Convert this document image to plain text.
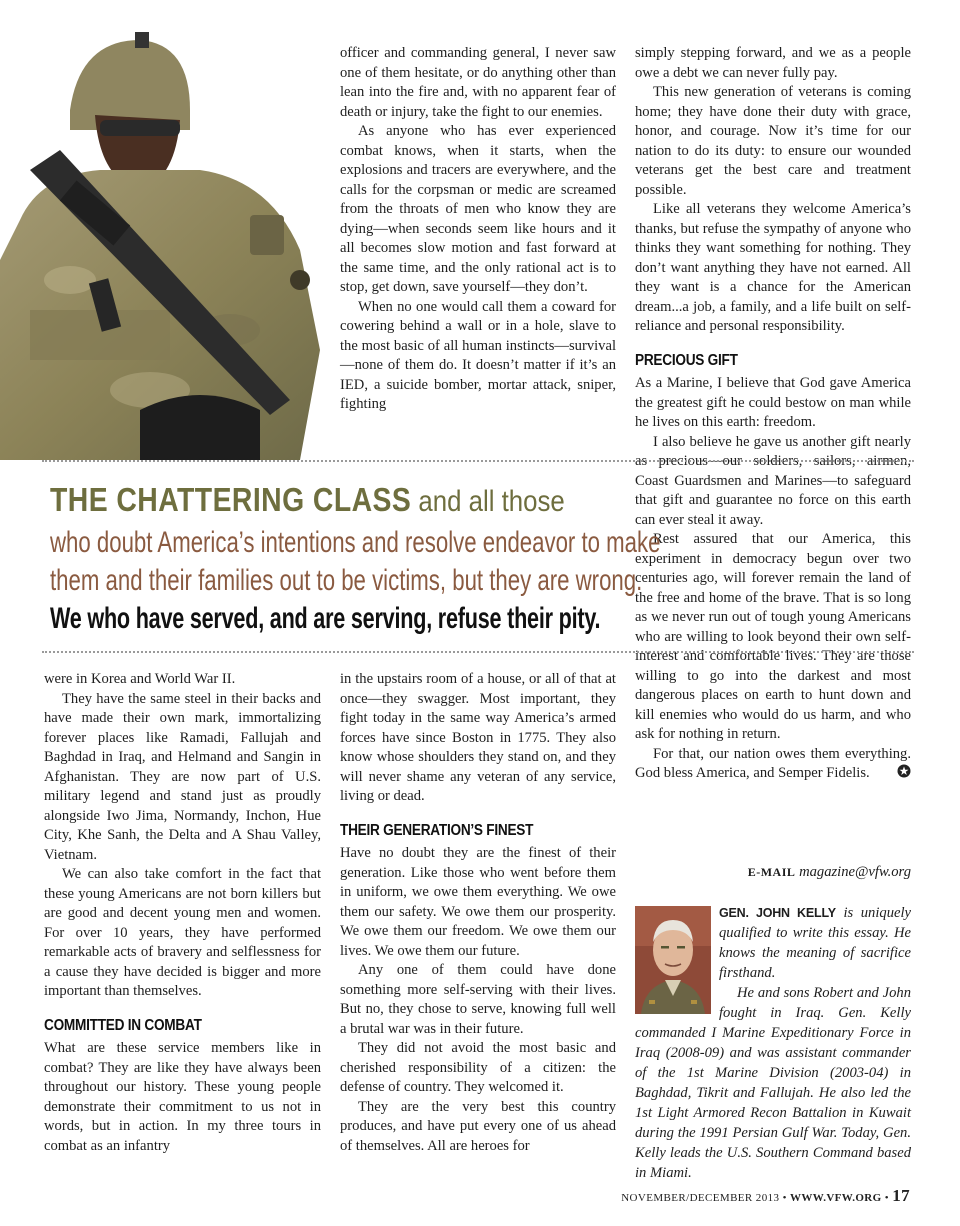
officer and commanding general, I never saw one of them hesitate, or do anything other than lean into the fire and, with no apparent fear of death or injury, take the fight to our enemies.

As anyone who has ever experienced combat knows, when it starts, when the explosions and tracers are everywhere, and the calls for the corpsman or medic are screamed from the throats of men who know they are dying—when seconds seem like hours and it all becomes slow motion and fast forward at the same time, and the only rational act is to stop, get down, save yourself—they don’t.

When no one would call them a coward for cowering behind a wall or in a hole, slave to the most basic of all human instincts—survival—none of them do. It doesn’t matter if it’s an IED, a suicide bomber, mortar attack, sniper, fighting

simply stepping forward, and we as a people owe a debt we can never fully pay.

This new generation of veterans is coming home; they have done their duty with grace, honor, and courage. Now it’s time for our nation to do its duty: to ensure our wounded veterans get the best care and treatment possible.

Like all veterans they welcome America’s thanks, but refuse the sympathy of anyone who thinks they want something for nothing. They don’t want anything they have not earned. All they want is a chance for the American dream...a job, a family, and a life built on self-reliance and personal responsibility.

PRECIOUS GIFT

As a Marine, I believe that God gave America the greatest gift he could bestow on man while he lives on this earth: freedom.

I also believe he gave us another gift nearly as precious—our soldiers, sailors, airmen, Coast Guardsmen and Marines—to safeguard that gift and guarantee no force on this earth can ever steal it away.

Rest assured that our America, this experiment in democracy begun over two centuries ago, will forever remain the land of the free and home of the brave. That is so long as we never run out of tough young Americans who are willing to look beyond their own self-interest and comfortable lives. They are those willing to go into the darkest and most dangerous places on earth to hunt down and kill enemies who would do us harm, and who ask for nothing in return.

For that, our nation owes them everything. God bless America, and Semper Fidelis.

THE CHATTERING CLASS and all those
who doubt America’s intentions and resolve endeavor to make
them and their families out to be victims, but they are wrong.
We who have served, and are serving, refuse their pity.

were in Korea and World War II.

They have the same steel in their backs and have made their own mark, immortalizing forever places like Ramadi, Fallujah and Baghdad in Iraq, and Helmand and Sangin in Afghanistan. They are now part of U.S. military legend and stand just as proudly alongside Iwo Jima, Normandy, Inchon, Hue City, Khe Sanh, the Delta and A Shau Valley, Vietnam.

We can also take comfort in the fact that these young Americans are not born killers but are good and decent young men and women. For over 10 years, they have performed remarkable acts of bravery and selflessness for a cause they have decided is bigger and more important than themselves.

COMMITTED IN COMBAT

What are these service members like in combat? They are like they have always been throughout our history. These young people demonstrate their commitment to us not in words, but in action. In my three tours in combat as an infantry

in the upstairs room of a house, or all of that at once—they swagger. Most important, they fight today in the same way America’s armed forces have since Boston in 1775. They also know whose shoulders they stand on, and they will never shame any veteran of any service, living or dead.

THEIR GENERATION’S FINEST

Have no doubt they are the finest of their generation. Like those who went before them in uniform, we owe them everything. We owe them our safety. We owe them our prosperity. We owe them our freedom. We owe them our lives. We owe them our future.

Any one of them could have done something more self-serving with their lives. But no, they chose to serve, knowing full well a brutal war was in their future.

They did not avoid the most basic and cherished responsibility of a citizen: the defense of country. They welcomed it.

They are the very best this country produces, and have put every one of us ahead of themselves. All are heroes for

E-MAIL magazine@vfw.org
GEN. JOHN KELLY is uniquely qualified to write this essay. He knows the meaning of sacrifice firsthand.
He and sons Robert and John fought in Iraq. Gen. Kelly commanded I Marine Expeditionary Force in Iraq (2008-09) and was assistant commander of the 1st Marine Division (2003-04) in Baghdad, Tikrit and Fallujah. He also led the 1st Light Armored Recon Battalion in Kuwait during the 1991 Persian Gulf War. Today, Gen. Kelly leads the U.S. Southern Command based in Miami.
NOVEMBER/DECEMBER 2013 • WWW.VFW.ORG • 17
